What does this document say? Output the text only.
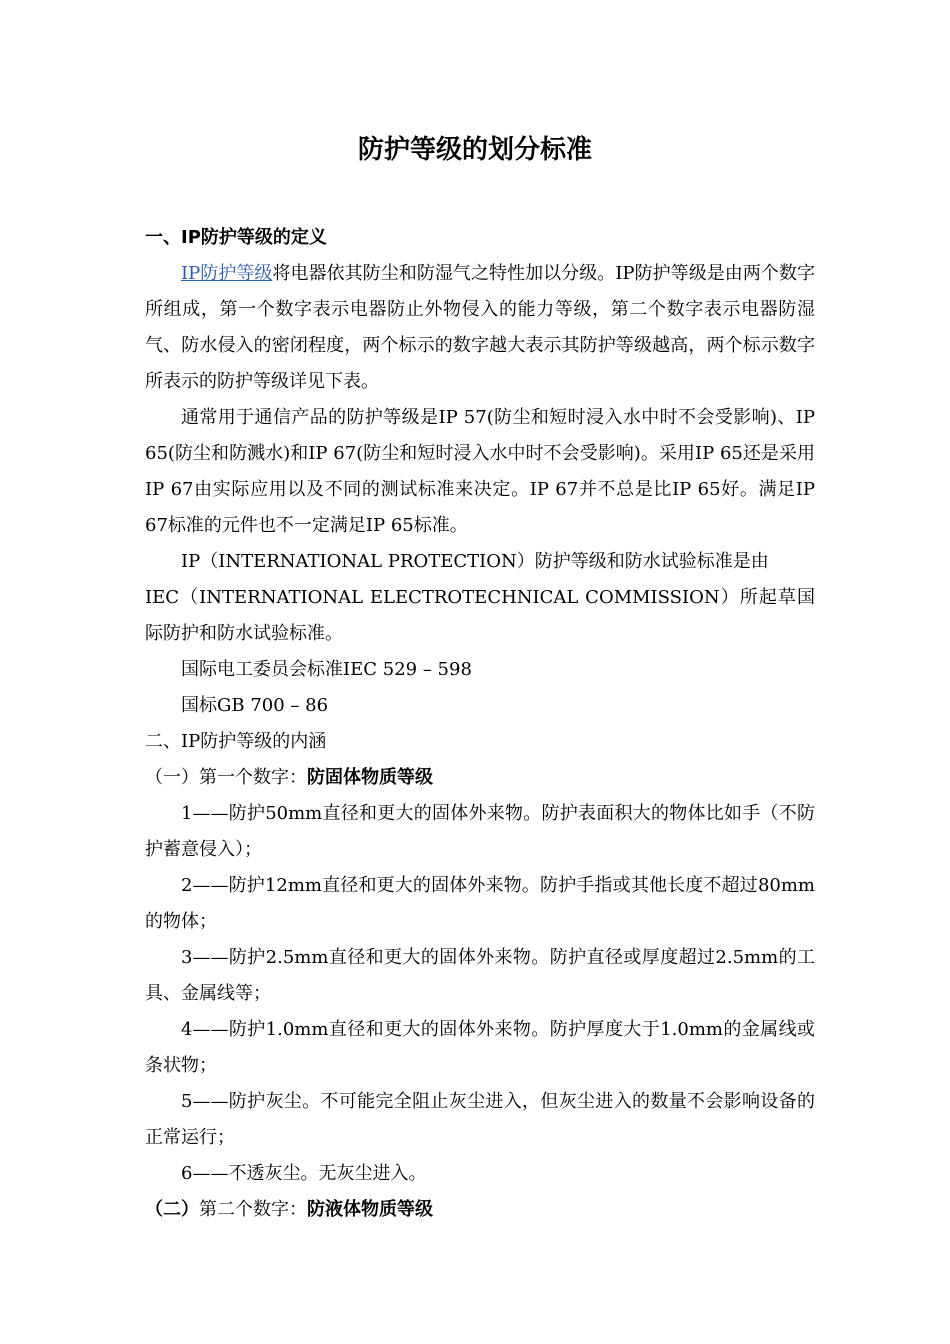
防护等级的划分标准

一、IP防护等级的定义

IP防护等级将电器依其防尘和防湿气之特性加以分级。IP防护等级是由两个数字所组成，第一个数字表示电器防止外物侵入的能力等级，第二个数字表示电器防湿气、防水侵入的密闭程度，两个标示的数字越大表示其防护等级越高，两个标示数字所表示的防护等级详见下表。

通常用于通信产品的防护等级是IP 57(防尘和短时浸入水中时不会受影响)、IP 65(防尘和防溅水)和IP 67(防尘和短时浸入水中时不会受影响)。采用IP 65还是采用IP 67由实际应用以及不同的测试标准来决定。IP 67并不总是比IP 65好。满足IP 67标准的元件也不一定满足IP 65标准。

IP（INTERNATIONAL PROTECTION）防护等级和防水试验标准是由

IEC（INTERNATIONAL ELECTROTECHNICAL COMMISSION）所起草国际防护和防水试验标准。

国际电工委员会标准IEC 529 – 598

国标GB 700 – 86

二、IP防护等级的内涵

（一）第一个数字：防固体物质等级

1——防护50mm直径和更大的固体外来物。防护表面积大的物体比如手（不防护蓄意侵入）；

2——防护12mm直径和更大的固体外来物。防护手指或其他长度不超过80mm的物体；

3——防护2.5mm直径和更大的固体外来物。防护直径或厚度超过2.5mm的工具、金属线等；

4——防护1.0mm直径和更大的固体外来物。防护厚度大于1.0mm的金属线或条状物；

5——防护灰尘。不可能完全阻止灰尘进入，但灰尘进入的数量不会影响设备的正常运行；

6——不透灰尘。无灰尘进入。

（二）第二个数字：防液体物质等级
